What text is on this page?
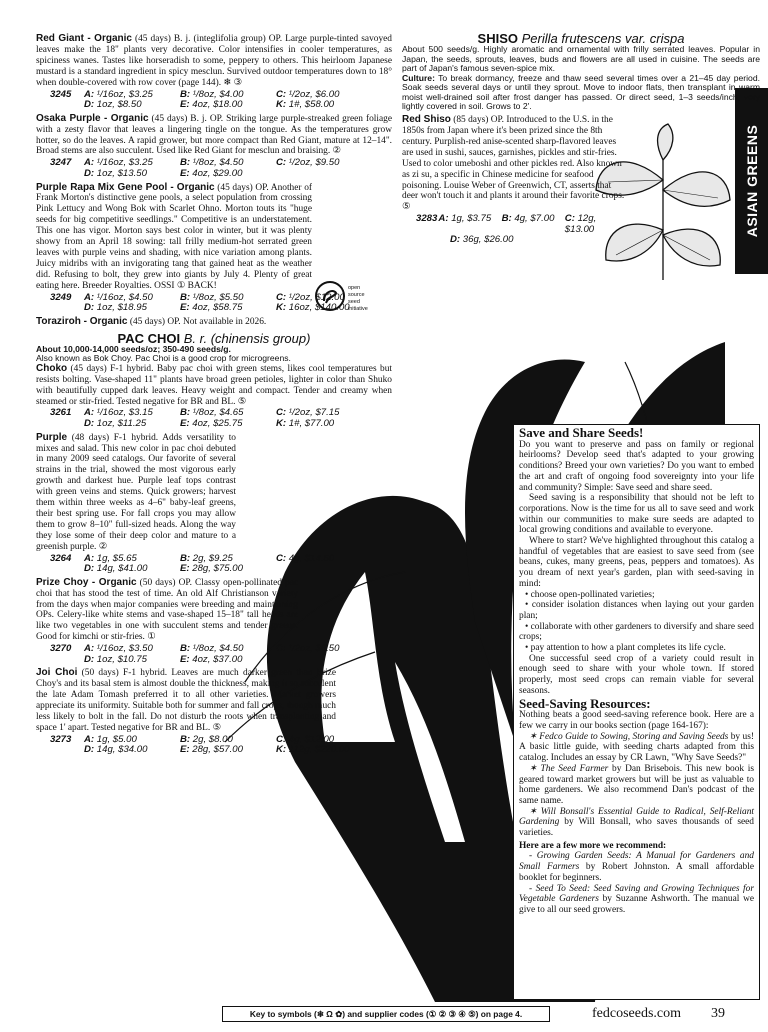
ASIAN GREENS

Red Giant - Organic (45 days) B. j. (integlifolia group) OP. Large purple-tinted savoyed leaves make the 18" plants very decorative. Color intensifies in cooler temperatures, as spiciness wanes. Tastes like horseradish to some, peppery to others. This heirloom Japanese mustard is a standard ingredient in spicy mesclun. Survived outdoor temperatures down to 18° when double-covered with row cover (page 144). ❄ ③

3245	A: ¹/16oz, $3.25	B: ¹/8oz, $4.00	C: ¹/2oz, $6.00
D: 1oz, $8.50	E: 4oz, $18.00	K: 1#, $58.00

Osaka Purple - Organic (45 days) B. j. OP. Striking large purple-streaked green foliage with a zesty flavor that leaves a lingering tingle on the tongue. As the temperatures grow hotter, so do the leaves. A rapid grower, but more compact than Red Giant, mature at 12–14". Broad stems are also succulent. Used like Red Giant for mesclun and braising. ②

3247	A: ¹/16oz, $3.25	B: ¹/8oz, $4.50	C: ¹/2oz, $9.50
D: 1oz, $13.50	E: 4oz, $29.00

Purple Rapa Mix Gene Pool - Organic (45 days) OP. Another of Frank Morton's distinctive gene pools, a select population from crossing Pink Lettucy and Wong Bok with Scarlet Ohno. Morton touts its "huge seeds for big competitive seedlings." Competitive is an understatement. This one has vigor. Morton says best color in winter, but it was plenty showy from an April 18 sowing: tall frilly medium-hot serrated green leaves with purple veins and shading, with nice variation among plants. Juicy midribs with an invigorating tang that gained heat as the weather did. Refusing to bolt, they grew into giants by July 4. Plenty of great eating here. Breeder Royalties. OSSI ① BACK!

3249	A: ¹/16oz, $4.50	B: ¹/8oz, $5.50	C: ¹/2oz, $12.00
D: 1oz, $18.95	E: 4oz, $58.75	K: 16oz, $140.00

Toraziroh - Organic (45 days) OP. Not available in 2026.

PAC CHOI B. r. (chinensis group)
About 10,000-14,000 seeds/oz; 350-490 seeds/g.
Also known as Bok Choy. Pac Choi is a good crop for microgreens.

Choko (45 days) F-1 hybrid. Baby pac choi with green stems, likes cool temperatures but resists bolting. Vase-shaped 11" plants have broad green petioles, lighter in color than Shuko with beautifully cupped dark leaves. Heavy weight and compact. Tender and creamy when steamed or stir-fried. Tested negative for BR and BL. ⑤

3261	A: ¹/16oz, $3.15	B: ¹/8oz, $4.65	C: ¹/2oz, $7.15
D: 1oz, $11.25	E: 4oz, $25.75	K: 1#, $77.00

Purple (48 days) F-1 hybrid. Adds versatility to mixes and salad. This new color in pac choi debuted in many 2009 seed catalogs. Our favorite of several strains in the trial, showed the most vigorous early growth and darkest hue. Purple leaf tops contrast with green veins and stems. Quick growers; harvest them within three weeks as 4–6" baby-leaf greens, their best spring use. For fall crops you may allow them to grow 8–10" full-sized heads. Along the way they lose some of their deep color and mature to a greenish purple. ②

3264	A: 1g, $5.65	B: 2g, $9.25	C: 4g, $14.50
D: 14g, $41.00	E: 28g, $75.00

Prize Choy - Organic (50 days) OP. Classy open-pollinated pac choi that has stood the test of time. An old Alf Christianson variety from the days when major companies were breeding and maintaining OPs. Celery-like white stems and vase-shaped 15–18" tall heads are like two vegetables in one with succulent stems and tender greens. Good for kimchi or stir-fries. ①

3270	A: ¹/16oz, $3.50	B: ¹/8oz, $4.50	C: ¹/2oz, $6.50
D: 1oz, $10.75	E: 4oz, $37.00

Joi Choi (50 days) F-1 hybrid. Leaves are much darker green than Prize Choy's and its basal stem is almost double the thickness, making it so succulent the late Adam Tomash preferred it to all other varieties. Market growers appreciate its uniformity. Suitable both for summer and fall crops, though much less likely to bolt in the fall. Do not disturb the roots when transplanting and space 1' apart. Tested negative for BR and BL. ⑤

3273	A: 1g, $5.00	B: 2g, $8.00	C: 4g, $12.00
D: 14g, $34.00	E: 28g, $57.00	K: 112g, $220.00
SHISO Perilla frutescens var. crispa
About 500 seeds/g. Highly aromatic and ornamental with frilly serrated leaves. Popular in Japan, the seeds, sprouts, leaves, buds and flowers are all used in cuisine. The seeds are part of Japan's famous seven-spice mix.
Culture: To break dormancy, freeze and thaw seed several times over a 21–45 day period. Soak seeds several days or until they sprout. Move to indoor flats, then transplant in warm moist well-drained soil after frost danger has passed. Or direct seed, 1–3 seeds/inch, very lightly covered in soil. Grows to 2'.

Red Shiso (85 days) OP. Introduced to the U.S. in the 1850s from Japan where it's been prized since the 8th century. Purplish-red anise-scented sharp-flavored leaves are used in sushi, sauces, garnishes, pickles and stir-fries. Used to color umeboshi and other pickles red. Also known as zi su, a specific in Chinese medicine for seafood poisoning. Louise Weber of Greenwich, CT, asserts that deer won't touch it and plants it around their favorite crops. ⑤

3283 A: 1g, $3.75	B: 4g, $7.00	C: 12g, $13.00
D: 36g, $26.00
Save and Share Seeds!

Do you want to preserve and pass on family or regional heirlooms? Develop seed that's adapted to your growing conditions? Breed your own varieties? Do you want to embed the art and craft of ongoing food sovereignty into your life and community? Simple: Save seed and share seed.

Seed saving is a responsibility that should not be left to corporations. Now is the time for us all to save seed and work within our communities to make sure seeds are adapted to local growing conditions and available to everyone.

Where to start? We've highlighted throughout this catalog a handful of vegetables that are easiest to save seed from (see beans, cukes, many greens, peas, peppers and tomatoes). As you dream of next year's garden, plan with seed-saving in mind:

• choose open-pollinated varieties;
• consider isolation distances when laying out your garden plan;
• collaborate with other gardeners to diversify and share seed crops;
• pay attention to how a plant completes its life cycle.

One successful seed crop of a variety could result in enough seed to share with your whole town. If stored properly, most seed crops can remain viable for several seasons.

Seed-Saving Resources:

Nothing beats a good seed-saving reference book. Here are a few we carry in our books section (page 164-167):

✶ Fedco Guide to Sowing, Storing and Saving Seeds by us! A basic little guide, with seeding charts adapted from this catalog. Includes an essay by CR Lawn, "Why Save Seeds?"

✶ The Seed Farmer by Dan Brisebois. This new book is geared toward market growers but will be just as valuable to home gardeners. We also recommend Dan's podcast of the same name.

✶ Will Bonsall's Essential Guide to Radical, Self-Reliant Gardening by Will Bonsall, who saves thousands of seed varieties.

Here are a few more we recommend:

- Growing Garden Seeds: A Manual for Gardeners and Small Farmers by Robert Johnston. A small affordable booklet for beginners.

- Seed To Seed: Seed Saving and Growing Techniques for Vegetable Gardeners by Suzanne Ashworth. The manual we give to all our seed growers.

open
source
seed
initiative
Key to symbols (❄ Ω ✿) and supplier codes (① ② ③ ④ ⑤) on page 4.	fedcoseeds.com 39
